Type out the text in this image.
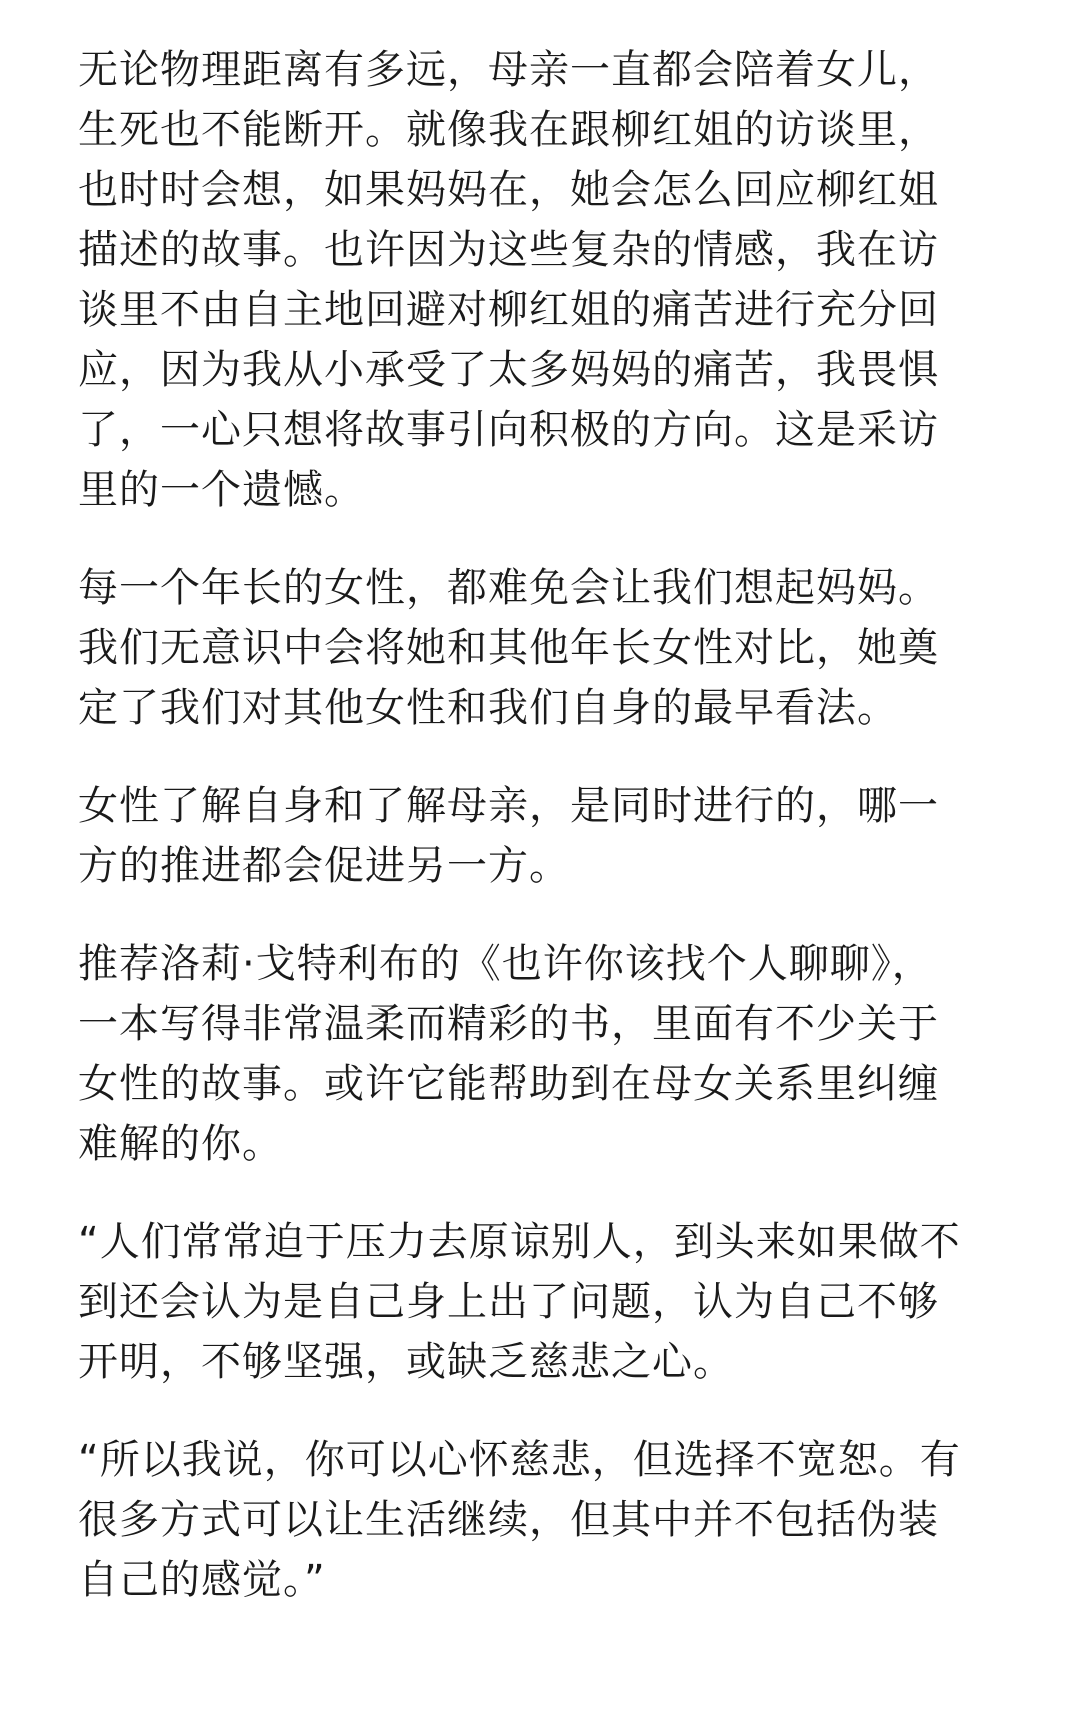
无论物理距离有多远，母亲一直都会陪着女儿，
生死也不能断开。就像我在跟柳红姐的访谈里，
也时时会想，如果妈妈在，她会怎么回应柳红姐
描述的故事。也许因为这些复杂的情感，我在访
谈里不由自主地回避对柳红姐的痛苦进行充分回
应，因为我从小承受了太多妈妈的痛苦，我畏惧
了，一心只想将故事引向积极的方向。这是采访
里的一个遗憾。

每一个年长的女性，都难免会让我们想起妈妈。
我们无意识中会将她和其他年长女性对比，她奠
定了我们对其他女性和我们自身的最早看法。

女性了解自身和了解母亲，是同时进行的，哪一
方的推进都会促进另一方。

推荐洛莉·戈特利布的《也许你该找个人聊聊》，
一本写得非常温柔而精彩的书，里面有不少关于
女性的故事。或许它能帮助到在母女关系里纠缠
难解的你。

“人们常常迫于压力去原谅别人，到头来如果做不
到还会认为是自己身上出了问题，认为自己不够
开明，不够坚强，或缺乏慈悲之心。

“所以我说，你可以心怀慈悲，但选择不宽恕。有
很多方式可以让生活继续，但其中并不包括伪装
自己的感觉。”
